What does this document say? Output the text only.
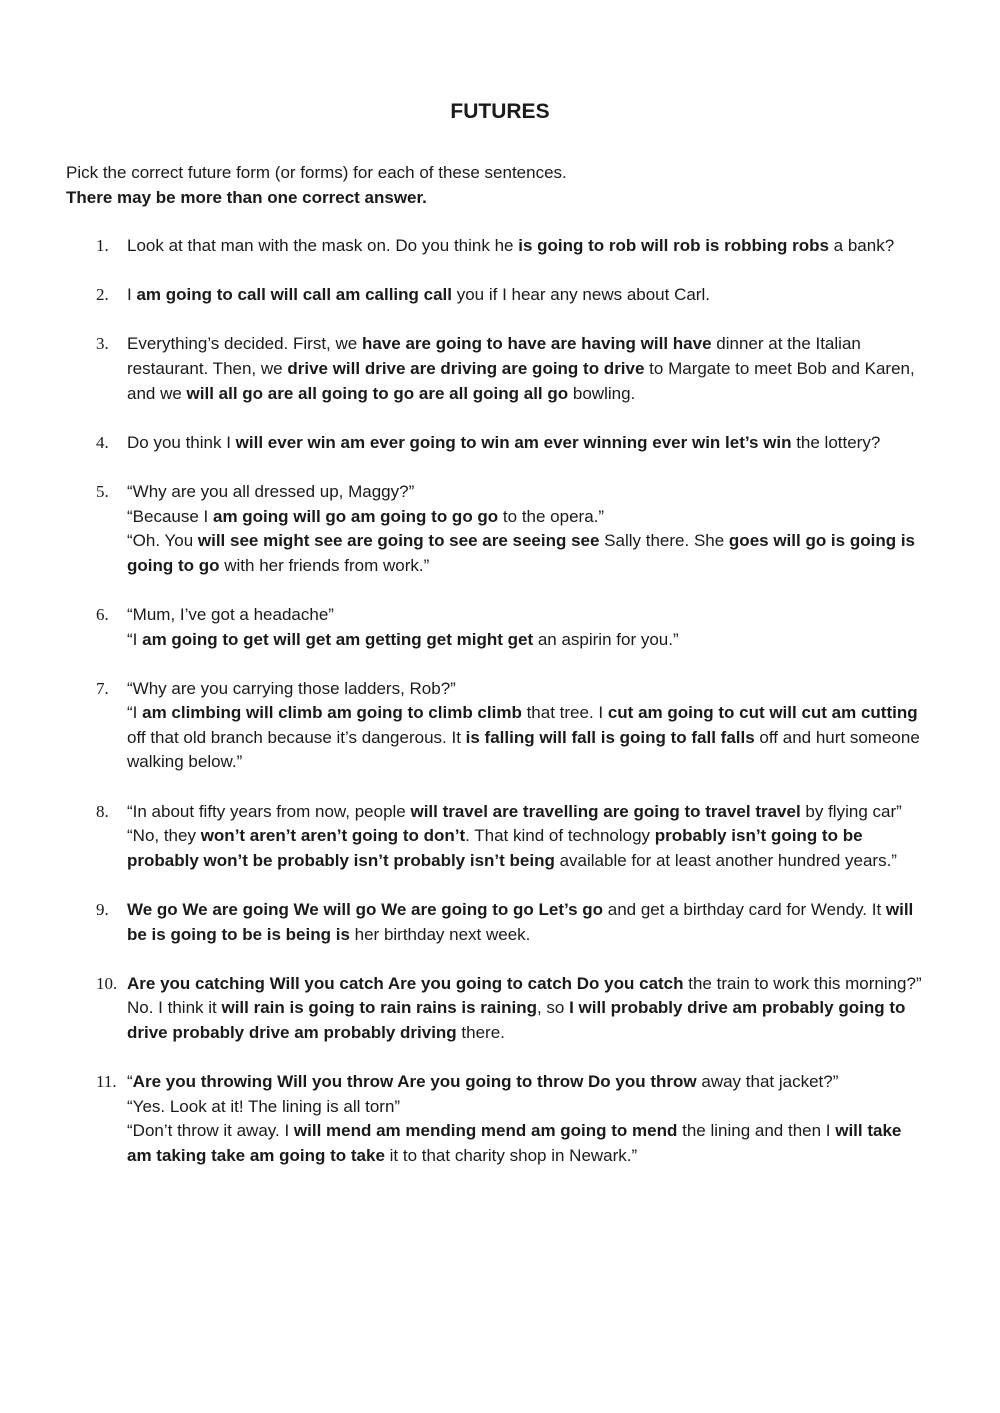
FUTURES
Pick the correct future form (or forms) for each of these sentences.
There may be more than one correct answer.
1. Look at that man with the mask on. Do you think he is going to rob will rob is robbing robs a bank?
2. I am going to call will call am calling call you if I hear any news about Carl.
3. Everything’s decided. First, we have are going to have are having will have dinner at the Italian restaurant. Then, we drive will drive are driving are going to drive to Margate to meet Bob and Karen, and we will all go are all going to go are all going all go bowling.
4. Do you think I will ever win am ever going to win am ever winning ever win let’s win the lottery?
5. “Why are you all dressed up, Maggy?”
“Because I am going will go am going to go go to the opera.”
“Oh. You will see might see are going to see are seeing see Sally there. She goes will go is going is going to go with her friends from work.”
6. “Mum, I’ve got a headache”
“I am going to get will get am getting get might get an aspirin for you.”
7. “Why are you carrying those ladders, Rob?”
“I am climbing will climb am going to climb climb that tree. I cut am going to cut will cut am cutting off that old branch because it’s dangerous. It is falling will fall is going to fall falls off and hurt someone walking below.”
8. “In about fifty years from now, people will travel are travelling are going to travel travel by flying car”
“No, they won’t aren’t aren’t going to don’t. That kind of technology probably isn’t going to be probably won’t be probably isn’t probably isn’t being available for at least another hundred years.”
9. We go We are going We will go We are going to go Let’s go and get a birthday card for Wendy. It will be is going to be is being is her birthday next week.
10. Are you catching Will you catch Are you going to catch Do you catch the train to work this morning?”
No. I think it will rain is going to rain rains is raining, so I will probably drive am probably going to drive probably drive am probably driving there.
11. “Are you throwing Will you throw Are you going to throw Do you throw away that jacket?”
“Yes. Look at it! The lining is all torn”
“Don’t throw it away. I will mend am mending mend am going to mend the lining and then I will take am taking take am going to take it to that charity shop in Newark.”
